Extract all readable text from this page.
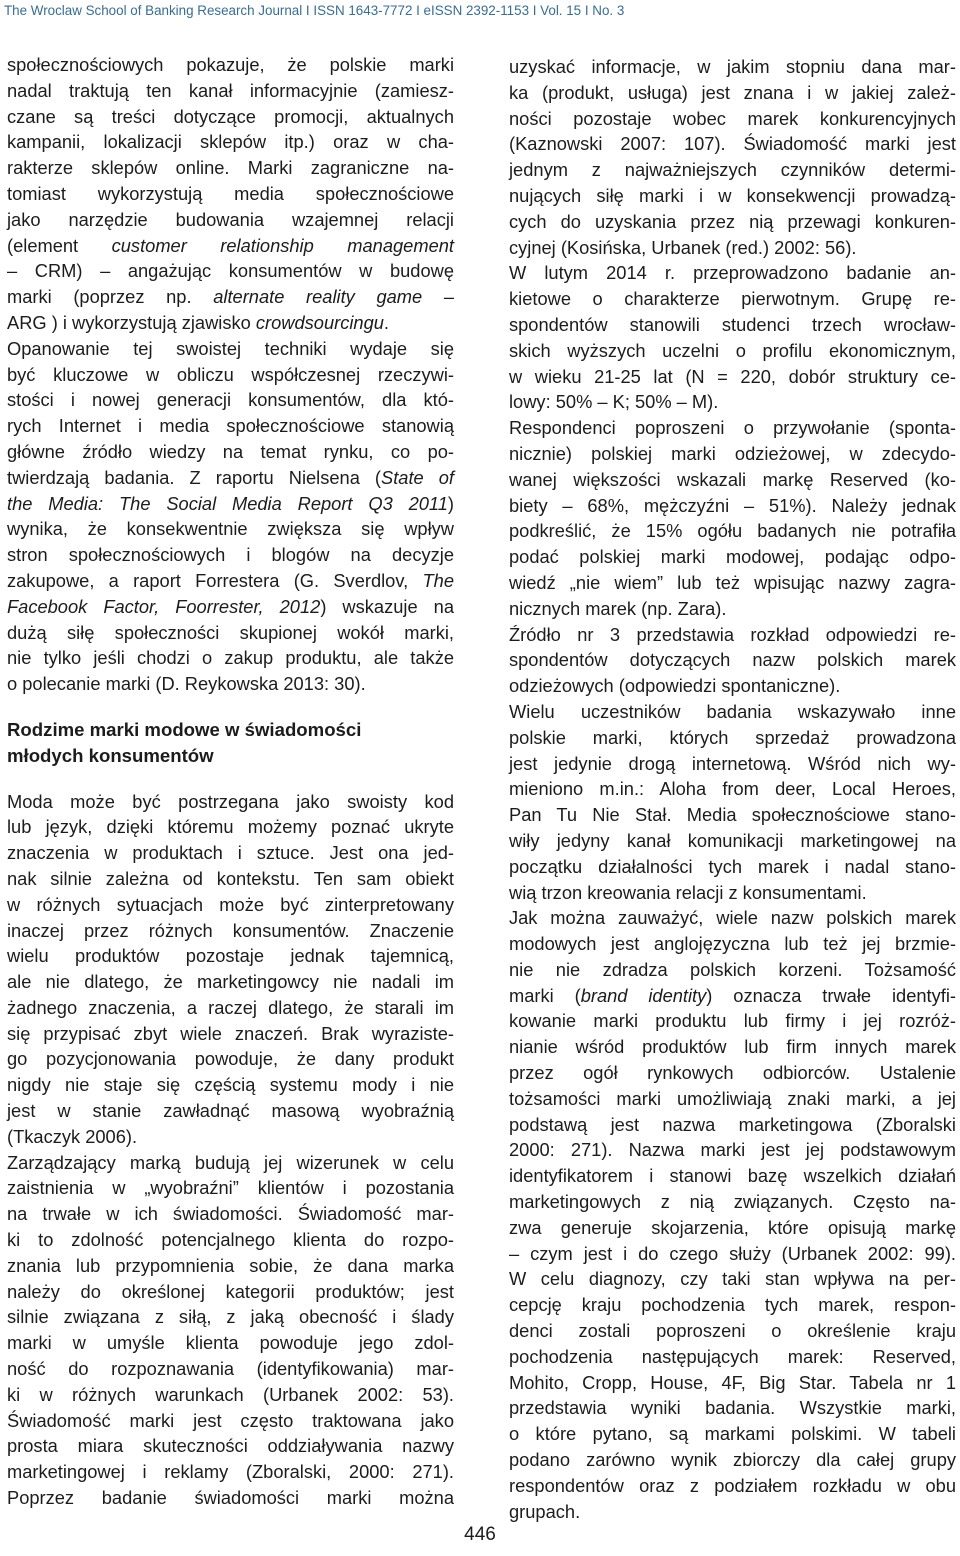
The Wroclaw School of Banking Research Journal I ISSN 1643-7772 I eISSN 2392-1153 I Vol. 15 I No. 3
społecznościowych pokazuje, że polskie marki
nadal traktują ten kanał informacyjnie (zamiesz-
czane są treści dotyczące promocji, aktualnych
kampanii, lokalizacji sklepów itp.) oraz w cha-
rakterze sklepów online. Marki zagraniczne na-
tomiast wykorzystują media społecznościowe
jako narzędzie budowania wzajemnej relacji
(element customer relationship management
– CRM) – angażując konsumentów w budowę
marki (poprzez np. alternate reality game –
ARG ) i wykorzystują zjawisko crowdsourcingu.
Opanowanie tej swoistej techniki wydaje się
być kluczowe w obliczu współczesnej rzeczywi-
stości i nowej generacji konsumentów, dla któ-
rych Internet i media społecznościowe stanowią
główne źródło wiedzy na temat rynku, co po-
twierdzają badania. Z raportu Nielsena (State of
the Media: The Social Media Report Q3 2011)
wynika, że konsekwentnie zwiększa się wpływ
stron społecznościowych i blogów na decyzje
zakupowe, a raport Forrestera (G. Sverdlov, The
Facebook Factor, Foorrester, 2012) wskazuje na
dużą siłę społeczności skupionej wokół marki,
nie tylko jeśli chodzi o zakup produktu, ale także
o polecanie marki (D. Reykowska 2013: 30).
Rodzime marki modowe w świadomości
młodych konsumentów
Moda może być postrzegana jako swoisty kod
lub język, dzięki któremu możemy poznać ukryte
znaczenia w produktach i sztuce. Jest ona jed-
nak silnie zależna od kontekstu. Ten sam obiekt
w różnych sytuacjach może być zinterpretowany
inaczej przez różnych konsumentów. Znaczenie
wielu produktów pozostaje jednak tajemnicą,
ale nie dlatego, że marketingowcy nie nadali im
żadnego znaczenia, a raczej dlatego, że starali im
się przypisać zbyt wiele znaczeń. Brak wyraziste-
go pozycjonowania powoduje, że dany produkt
nigdy nie staje się częścią systemu mody i nie
jest w stanie zawładnąć masową wyobraźnią
(Tkaczyk 2006).
Zarządzający marką budują jej wizerunek w celu
zaistnienia w „wyobraźni” klientów i pozostania
na trwałe w ich świadomości. Świadomość mar-
ki to zdolność potencjalnego klienta do rozpo-
znania lub przypomnienia sobie, że dana marka
należy do określonej kategorii produktów; jest
silnie związana z siłą, z jaką obecność i ślady
marki w umyśle klienta powoduje jego zdol-
ność do rozpoznawania (identyfikowania) mar-
ki w różnych warunkach (Urbanek 2002: 53).
Świadomość marki jest często traktowana jako
prosta miara skuteczności oddziaływania nazwy
marketingowej i reklamy (Zboralski, 2000: 271).
Poprzez badanie świadomości marki można
uzyskać informacje, w jakim stopniu dana mar-
ka (produkt, usługa) jest znana i w jakiej zależ-
ności pozostaje wobec marek konkurencyjnych
(Kaznowski 2007: 107). Świadomość marki jest
jednym z najważniejszych czynników determi-
nujących siłę marki i w konsekwencji prowadzą-
cych do uzyskania przez nią przewagi konkuren-
cyjnej (Kosińska, Urbanek (red.) 2002: 56).
W lutym 2014 r. przeprowadzono badanie an-
kietowe o charakterze pierwotnym. Grupę re-
spondentów stanowili studenci trzech wrocław-
skich wyższych uczelni o profilu ekonomicznym,
w wieku 21-25 lat (N = 220, dobór struktury ce-
lowy: 50% – K; 50% – M).
Respondenci poproszeni o przywołanie (sponta-
nicznie) polskiej marki odzieżowej, w zdecydo-
wanej większości wskazali markę Reserved (ko-
biety – 68%, mężczyźni – 51%). Należy jednak
podkreślić, że 15% ogółu badanych nie potrafiła
podać polskiej marki modowej, podając odpo-
wiedź „nie wiem” lub też wpisując nazwy zagra-
nicznych marek (np. Zara).
Źródło nr 3 przedstawia rozkład odpowiedzi re-
spondentów dotyczących nazw polskich marek
odzieżowych (odpowiedzi spontaniczne).
Wielu uczestników badania wskazywało inne
polskie marki, których sprzedaż prowadzona
jest jedynie drogą internetową. Wśród nich wy-
mieniono m.in.: Aloha from deer, Local Heroes,
Pan Tu Nie Stał. Media społecznościowe stano-
wiły jedyny kanał komunikacji marketingowej na
początku działalności tych marek i nadal stano-
wią trzon kreowania relacji z konsumentami.
Jak można zauważyć, wiele nazw polskich marek
modowych jest anglojęzyczna lub też jej brzmie-
nie nie zdradza polskich korzeni. Tożsamość
marki (brand identity) oznacza trwałe identyfi-
kowanie marki produktu lub firmy i jej rozróż-
nianie wśród produktów lub firm innych marek
przez ogół rynkowych odbiorców. Ustalenie
tożsamości marki umożliwiają znaki marki, a jej
podstawą jest nazwa marketingowa (Zboralski
2000: 271). Nazwa marki jest jej podstawowym
identyfikatorem i stanowi bazę wszelkich działań
marketingowych z nią związanych. Często na-
zwa generuje skojarzenia, które opisują markę
– czym jest i do czego służy (Urbanek 2002: 99).
W celu diagnozy, czy taki stan wpływa na per-
cepcję kraju pochodzenia tych marek, respon-
denci zostali poproszeni o określenie kraju
pochodzenia następujących marek: Reserved,
Mohito, Cropp, House, 4F, Big Star. Tabela nr 1
przedstawia wyniki badania. Wszystkie marki,
o które pytano, są markami polskimi. W tabeli
podano zarówno wynik zbiorczy dla całej grupy
respondentów oraz z podziałem rozkładu w obu
grupach.
446
